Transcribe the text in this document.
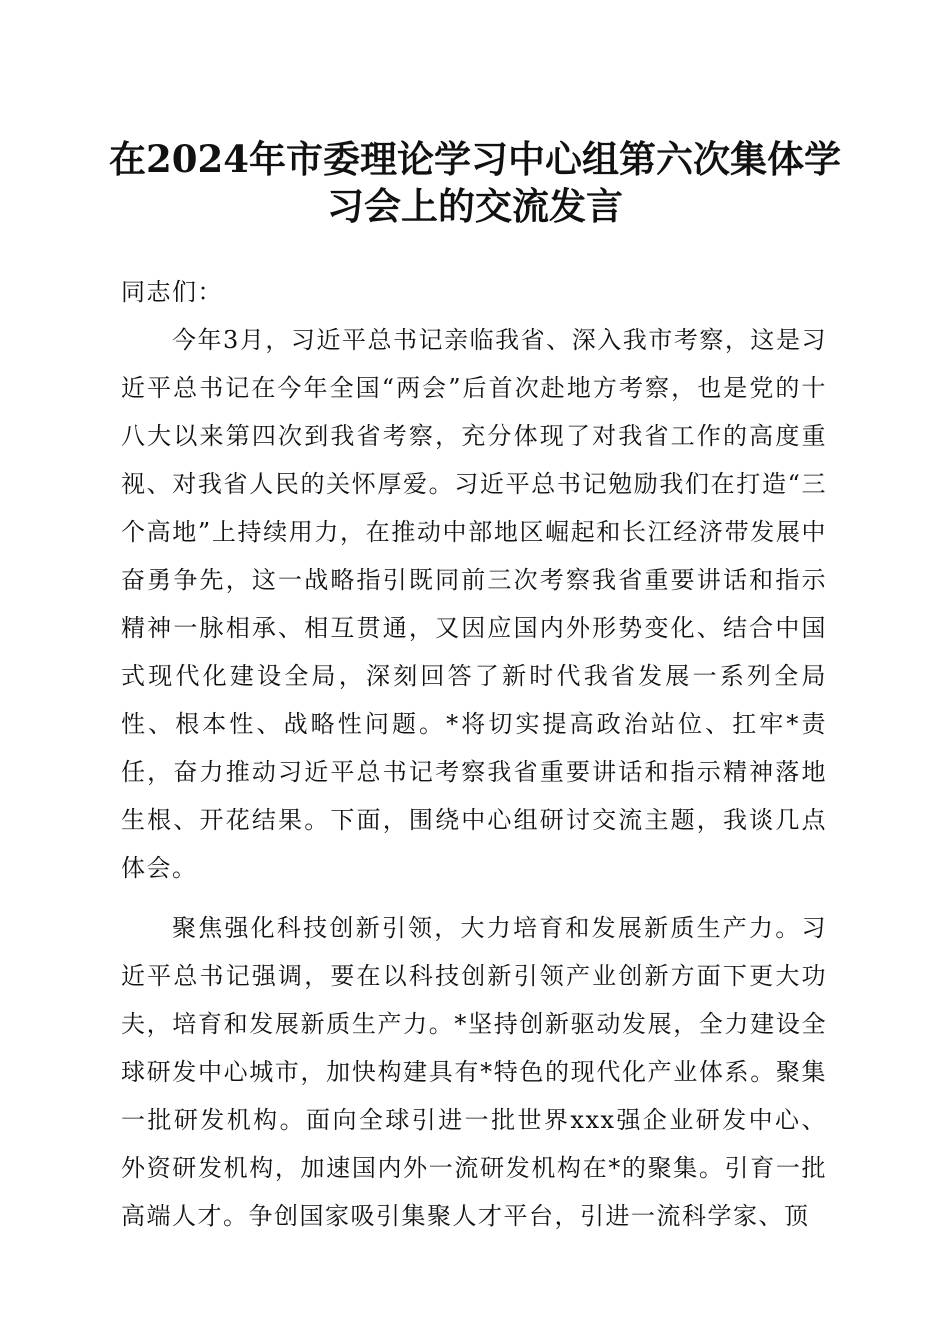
在2024年市委理论学习中心组第六次集体学习会上的交流发言

同志们：

今年3月，习近平总书记亲临我省、深入我市考察，这是习近平总书记在今年全国“两会”后首次赴地方考察，也是党的十八大以来第四次到我省考察，充分体现了对我省工作的高度重视、对我省人民的关怀厚爱。习近平总书记勉励我们在打造“三个高地”上持续用力，在推动中部地区崛起和长江经济带发展中奋勇争先，这一战略指引既同前三次考察我省重要讲话和指示精神一脉相承、相互贯通，又因应国内外形势变化、结合中国式现代化建设全局，深刻回答了新时代我省发展一系列全局性、根本性、战略性问题。*将切实提高政治站位、扛牢*责任，奋力推动习近平总书记考察我省重要讲话和指示精神落地生根、开花结果。下面，围绕中心组研讨交流主题，我谈几点体会。

聚焦强化科技创新引领，大力培育和发展新质生产力。习近平总书记强调，要在以科技创新引领产业创新方面下更大功夫，培育和发展新质生产力。*坚持创新驱动发展，全力建设全球研发中心城市，加快构建具有*特色的现代化产业体系。聚集一批研发机构。面向全球引进一批世界xxx强企业研发中心、外资研发机构，加速国内外一流研发机构在*的聚集。引育一批高端人才。争创国家吸引集聚人才平台，引进一流科学家、顶
